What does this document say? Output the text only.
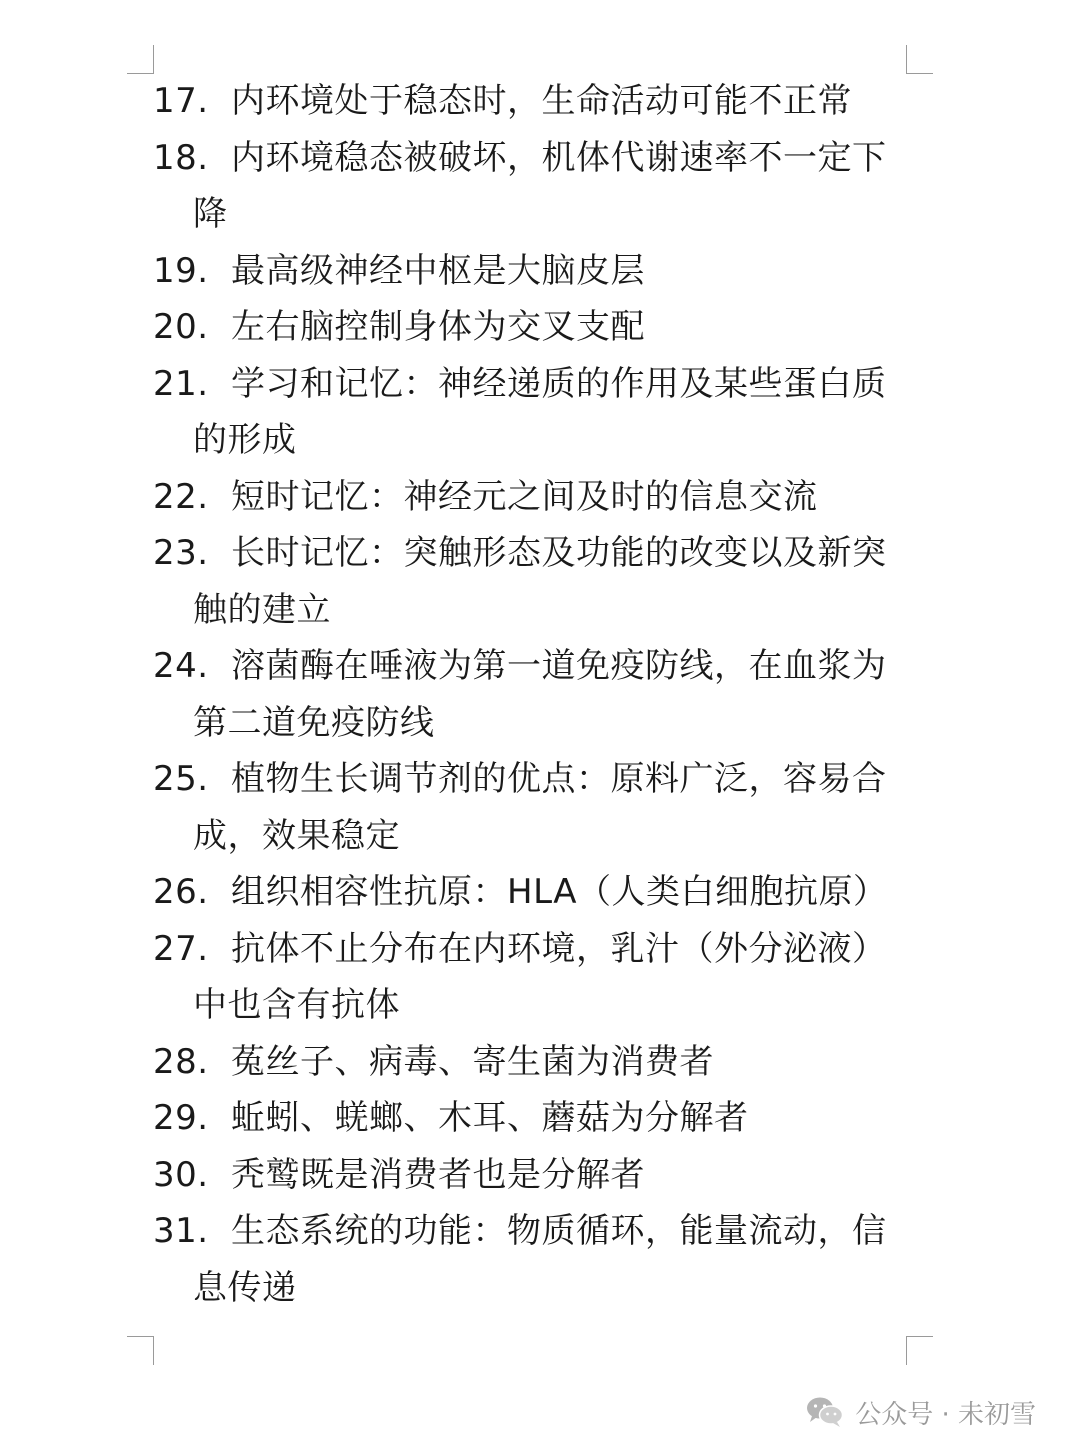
17. 内环境处于稳态时，生命活动可能不正常
18. 内环境稳态被破坏，机体代谢速率不一定下
降
19. 最高级神经中枢是大脑皮层
20. 左右脑控制身体为交叉支配
21. 学习和记忆：神经递质的作用及某些蛋白质
的形成
22. 短时记忆：神经元之间及时的信息交流
23. 长时记忆：突触形态及功能的改变以及新突
触的建立
24. 溶菌酶在唾液为第一道免疫防线，在血浆为
第二道免疫防线
25. 植物生长调节剂的优点：原料广泛，容易合
成，效果稳定
26. 组织相容性抗原：HLA（人类白细胞抗原）
27. 抗体不止分布在内环境，乳汁（外分泌液）
中也含有抗体
28. 菟丝子、病毒、寄生菌为消费者
29. 蚯蚓、蜣螂、木耳、蘑菇为分解者
30. 秃鹫既是消费者也是分解者
31. 生态系统的功能：物质循环，能量流动，信
息传递
公众号 · 未初雪
